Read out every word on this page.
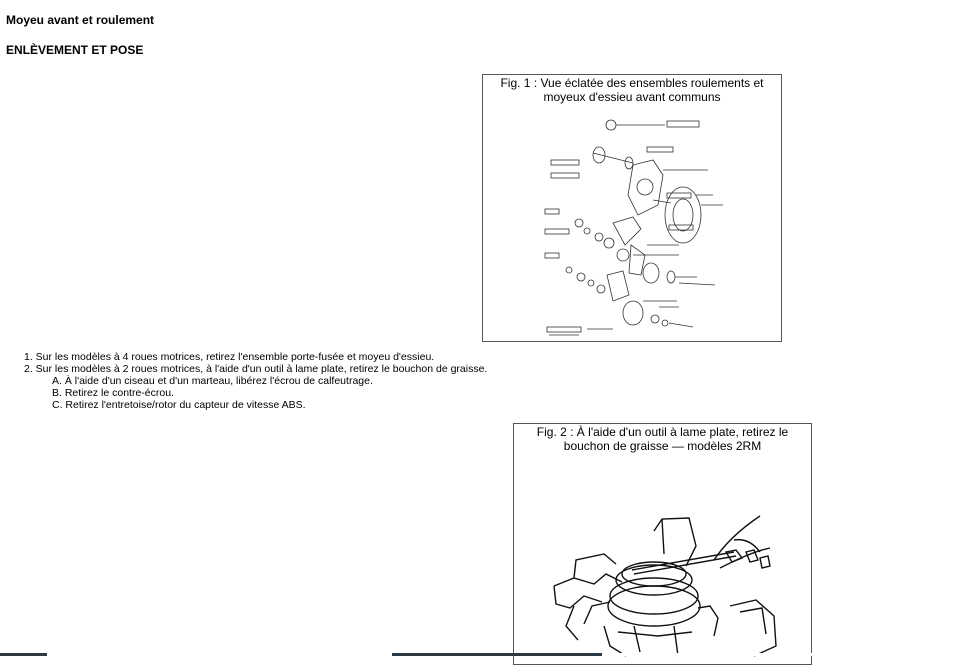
Moyeu avant et roulement
ENLÈVEMENT ET POSE
Fig. 1 : Vue éclatée des ensembles roulements et moyeux d'essieu avant communs
1. Sur les modèles à 4 roues motrices, retirez l'ensemble porte-fusée et moyeu d'essieu.
2. Sur les modèles à 2 roues motrices, à l'aide d'un outil à lame plate, retirez le bouchon de graisse.
A. À l'aide d'un ciseau et d'un marteau, libérez l'écrou de calfeutrage.
B. Retirez le contre-écrou.
C. Retirez l'entretoise/rotor du capteur de vitesse ABS.
Fig. 2 : À l'aide d'un outil à lame plate, retirez le bouchon de graisse — modèles 2RM
